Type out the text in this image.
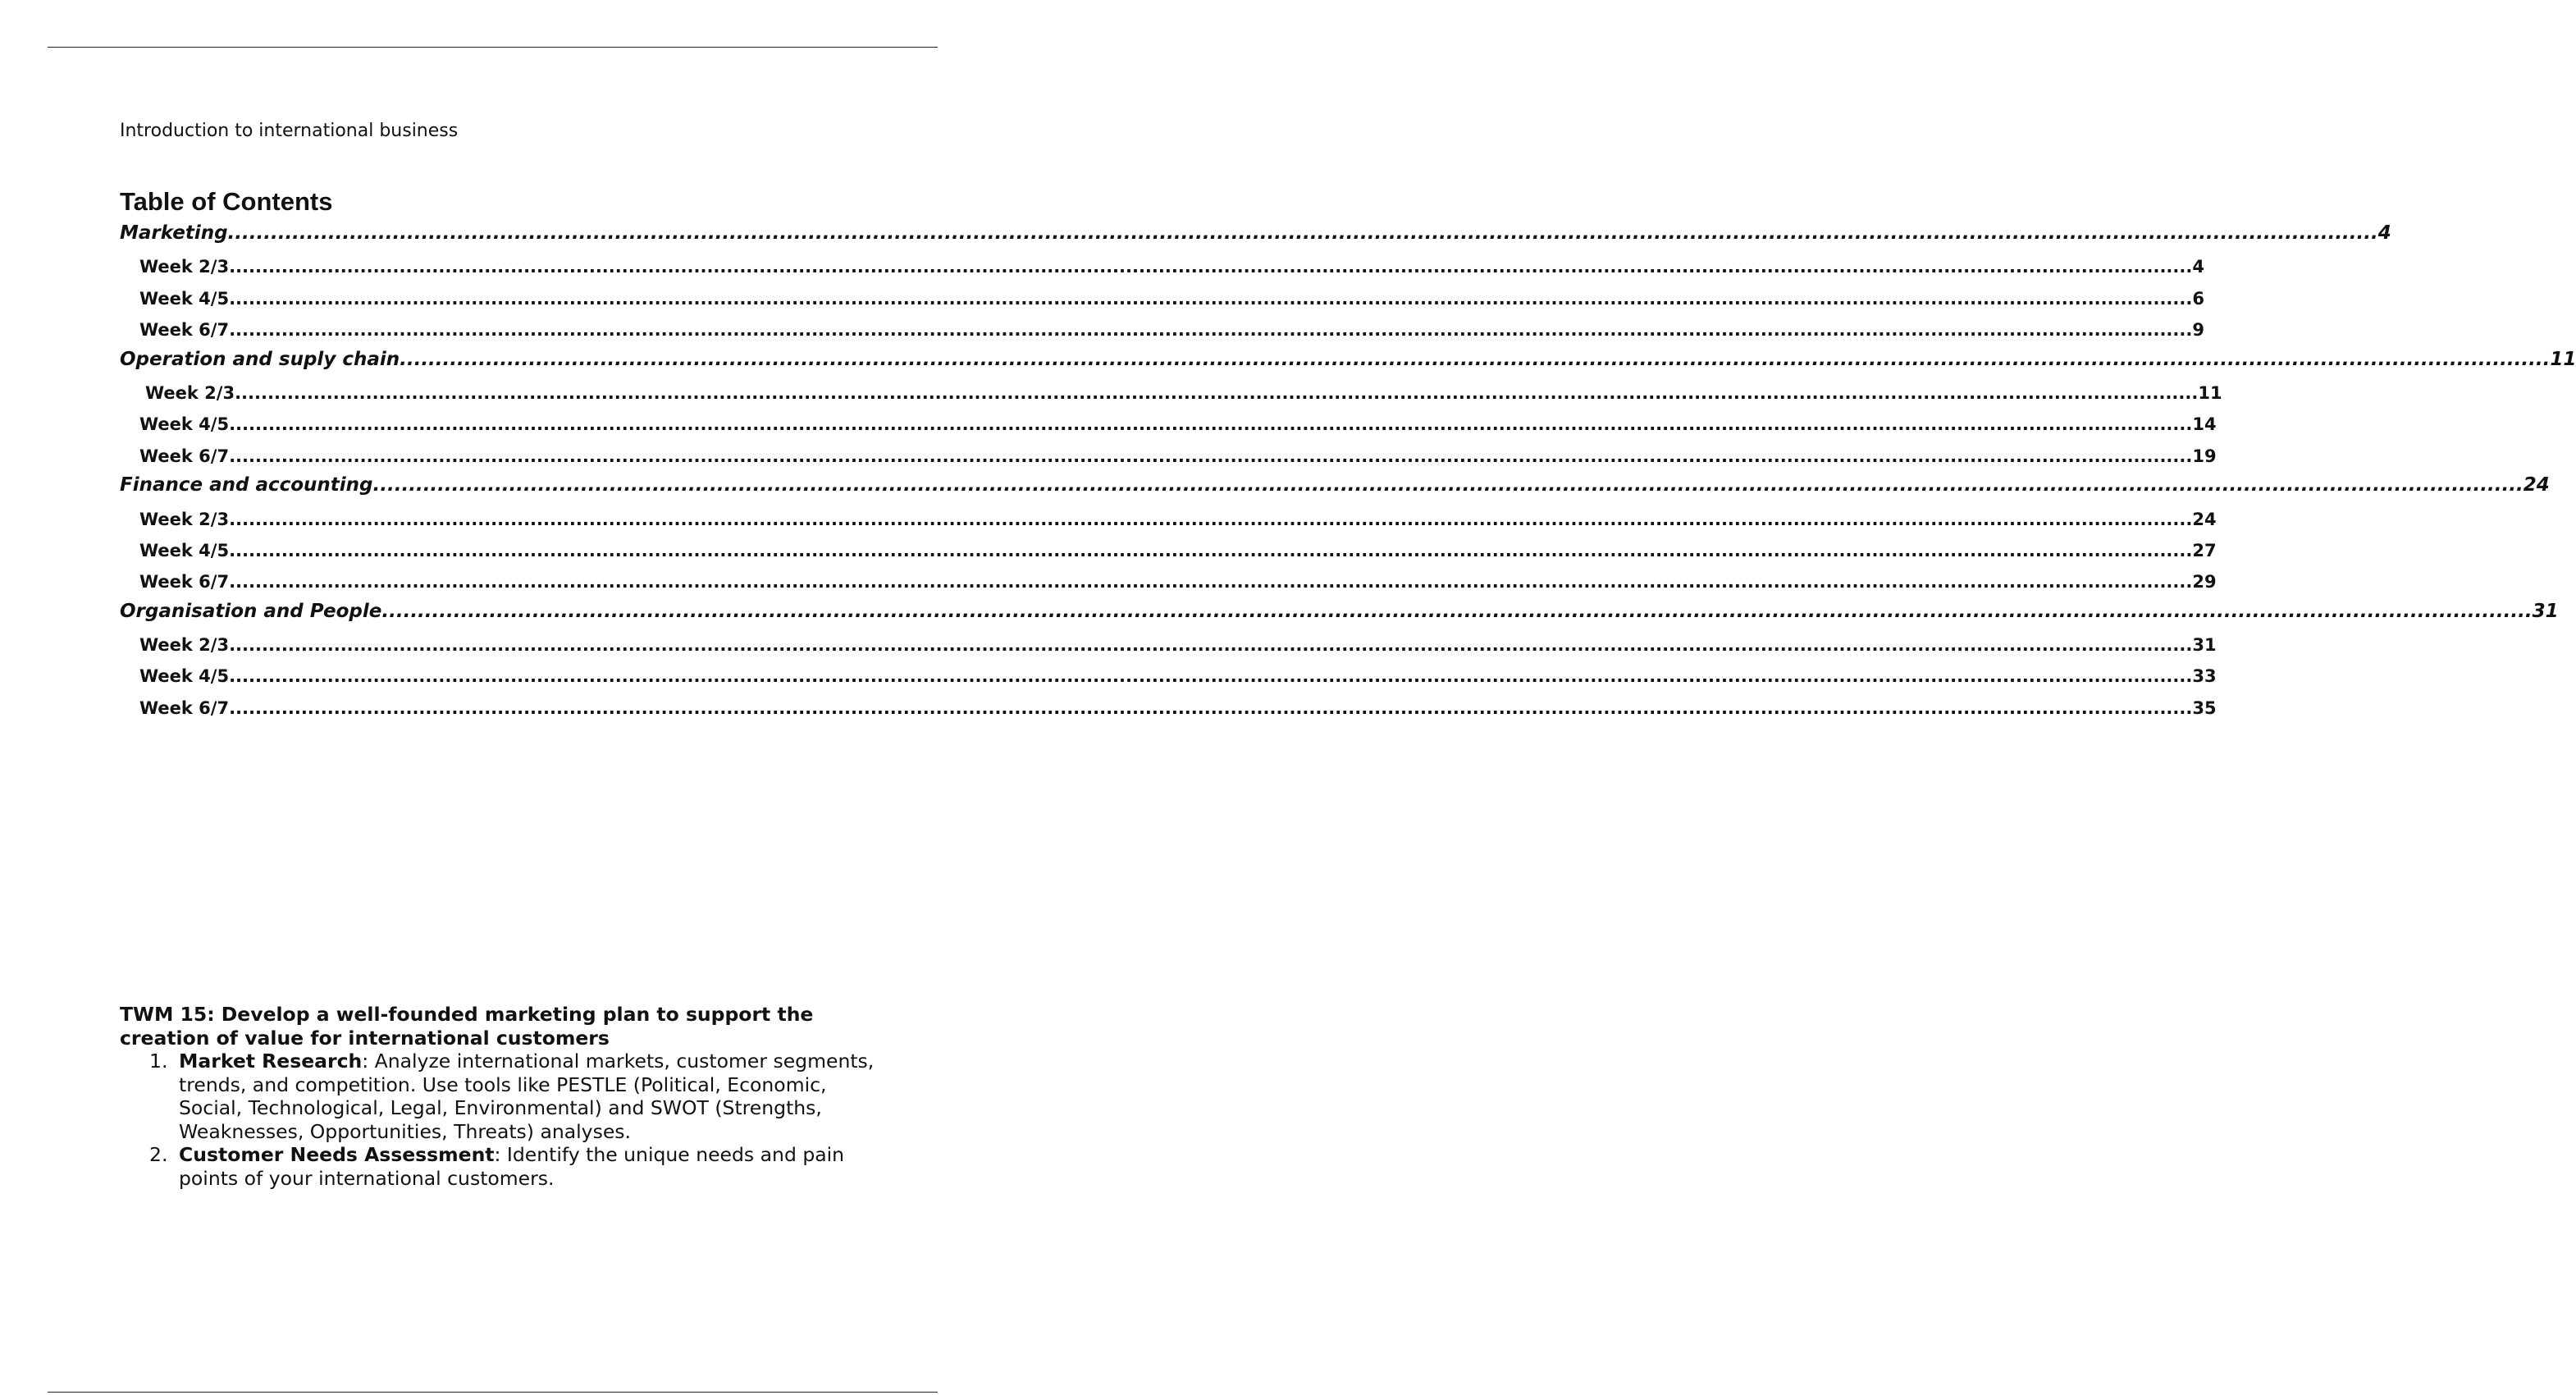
Introduction to international business
Table of Contents
Marketing ............................................................................................................................................................................................................................................................................................................ 4
Week 2/3 ............................................................................................................................................................................................................................................................................................................ 4
Week 4/5 ............................................................................................................................................................................................................................................................................................................ 6
Week 6/7 ............................................................................................................................................................................................................................................................................................................ 9
Operation and suply chain ............................................................................................................................................................................................................................................................................................................ 11
Week 2/3 ............................................................................................................................................................................................................................................................................................................ 11
Week 4/5 ............................................................................................................................................................................................................................................................................................................ 14
Week 6/7 ............................................................................................................................................................................................................................................................................................................ 19
Finance and accounting ............................................................................................................................................................................................................................................................................................................ 24
Week 2/3 ............................................................................................................................................................................................................................................................................................................ 24
Week 4/5 ............................................................................................................................................................................................................................................................................................................ 27
Week 6/7 ............................................................................................................................................................................................................................................................................................................ 29
Organisation and People ............................................................................................................................................................................................................................................................................................................ 31
Week 2/3 ............................................................................................................................................................................................................................................................................................................ 31
Week 4/5 ............................................................................................................................................................................................................................................................................................................ 33
Week 6/7 ............................................................................................................................................................................................................................................................................................................ 35

TWM 15: Develop a well-founded marketing plan to support the creation of value for international customers

1. Market Research: Analyze international markets, customer segments, trends, and competition. Use tools like PESTLE (Political, Economic, Social, Technological, Legal, Environmental) and SWOT (Strengths, Weaknesses, Opportunities, Threats) analyses.
2. Customer Needs Assessment: Identify the unique needs and pain points of your international customers.
